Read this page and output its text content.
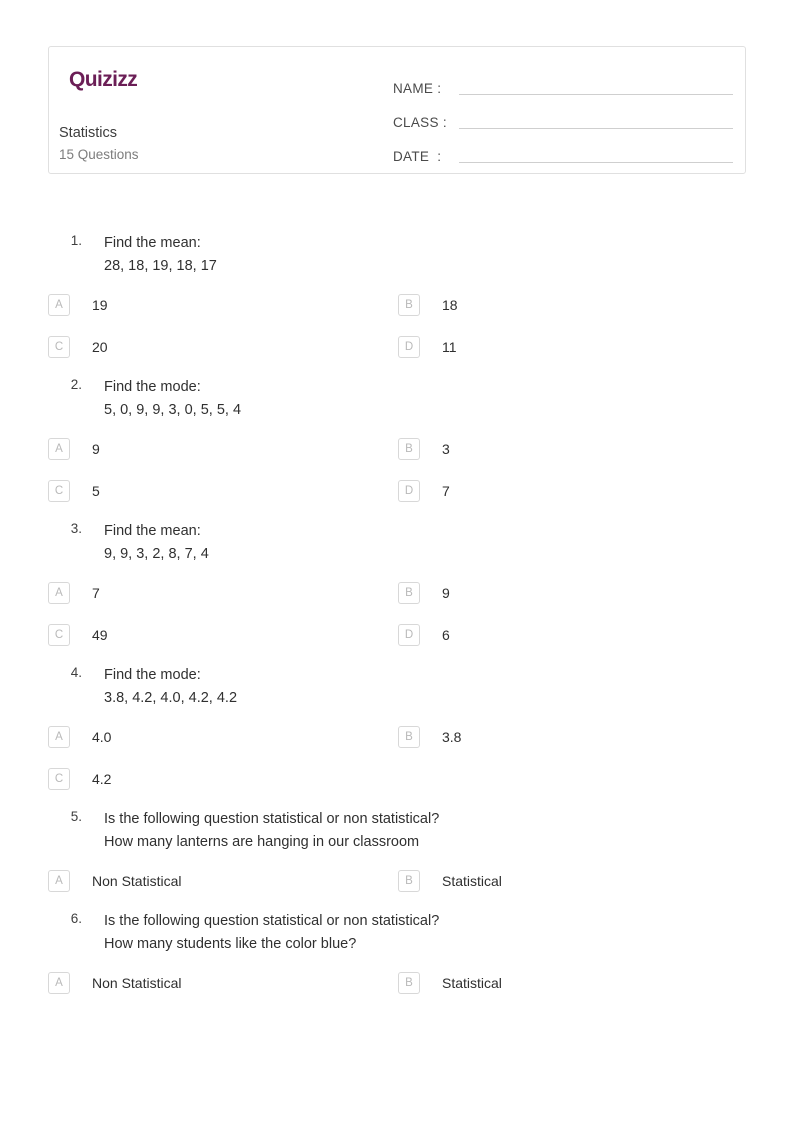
Quizizz
Statistics
15 Questions
NAME :
CLASS :
DATE  :
1.	Find the mean:
28, 18, 19, 18, 17
A	19	B	18
C	20	D	11
2.	Find the mode:
5, 0, 9, 9, 3, 0, 5, 5, 4
A	9	B	3
C	5	D	7
3.	Find the mean:
9, 9, 3, 2, 8, 7, 4
A	7	B	9
C	49	D	6
4.	Find the mode:
3.8, 4.2, 4.0, 4.2, 4.2
A	4.0	B	3.8
C	4.2
5.	Is the following question statistical or non statistical?
How many lanterns are hanging in our classroom
A	Non Statistical	B	Statistical
6.	Is the following question statistical or non statistical?
How many students like the color blue?
A	Non Statistical	B	Statistical
